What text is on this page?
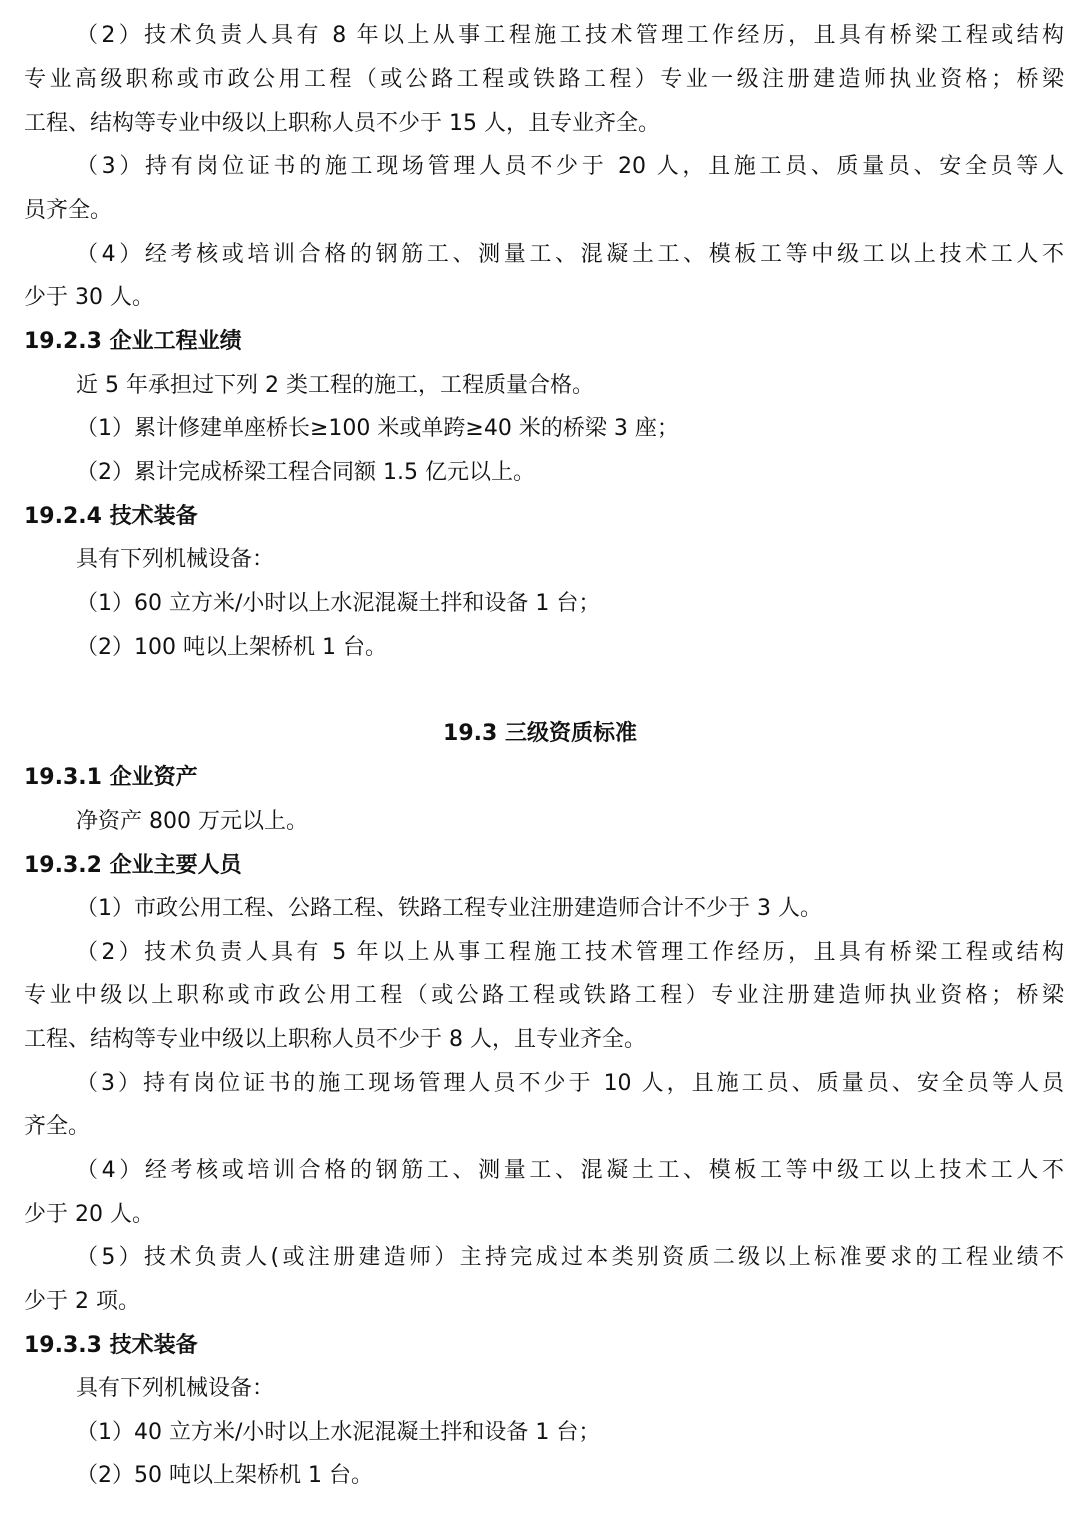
（2）技术负责人具有 8 年以上从事工程施工技术管理工作经历，且具有桥梁工程或结构
专业高级职称或市政公用工程（或公路工程或铁路工程）专业一级注册建造师执业资格；桥梁
工程、结构等专业中级以上职称人员不少于 15 人，且专业齐全。
（3）持有岗位证书的施工现场管理人员不少于 20 人，且施工员、质量员、安全员等人
员齐全。
（4）经考核或培训合格的钢筋工、测量工、混凝土工、模板工等中级工以上技术工人不
少于 30 人。
19.2.3 企业工程业绩
近 5 年承担过下列 2 类工程的施工，工程质量合格。
（1）累计修建单座桥长≥100 米或单跨≥40 米的桥梁 3 座；
（2）累计完成桥梁工程合同额 1.5 亿元以上。
19.2.4 技术装备
具有下列机械设备：
（1）60 立方米/小时以上水泥混凝土拌和设备 1 台；
（2）100 吨以上架桥机 1 台。
19.3 三级资质标准
19.3.1 企业资产
净资产 800 万元以上。
19.3.2 企业主要人员
（1）市政公用工程、公路工程、铁路工程专业注册建造师合计不少于 3 人。
（2）技术负责人具有 5 年以上从事工程施工技术管理工作经历，且具有桥梁工程或结构
专业中级以上职称或市政公用工程（或公路工程或铁路工程）专业注册建造师执业资格；桥梁
工程、结构等专业中级以上职称人员不少于 8 人，且专业齐全。
（3）持有岗位证书的施工现场管理人员不少于 10 人，且施工员、质量员、安全员等人员
齐全。
（4）经考核或培训合格的钢筋工、测量工、混凝土工、模板工等中级工以上技术工人不
少于 20 人。
（5）技术负责人(或注册建造师）主持完成过本类别资质二级以上标准要求的工程业绩不
少于 2 项。
19.3.3 技术装备
具有下列机械设备：
（1）40 立方米/小时以上水泥混凝土拌和设备 1 台；
（2）50 吨以上架桥机 1 台。
